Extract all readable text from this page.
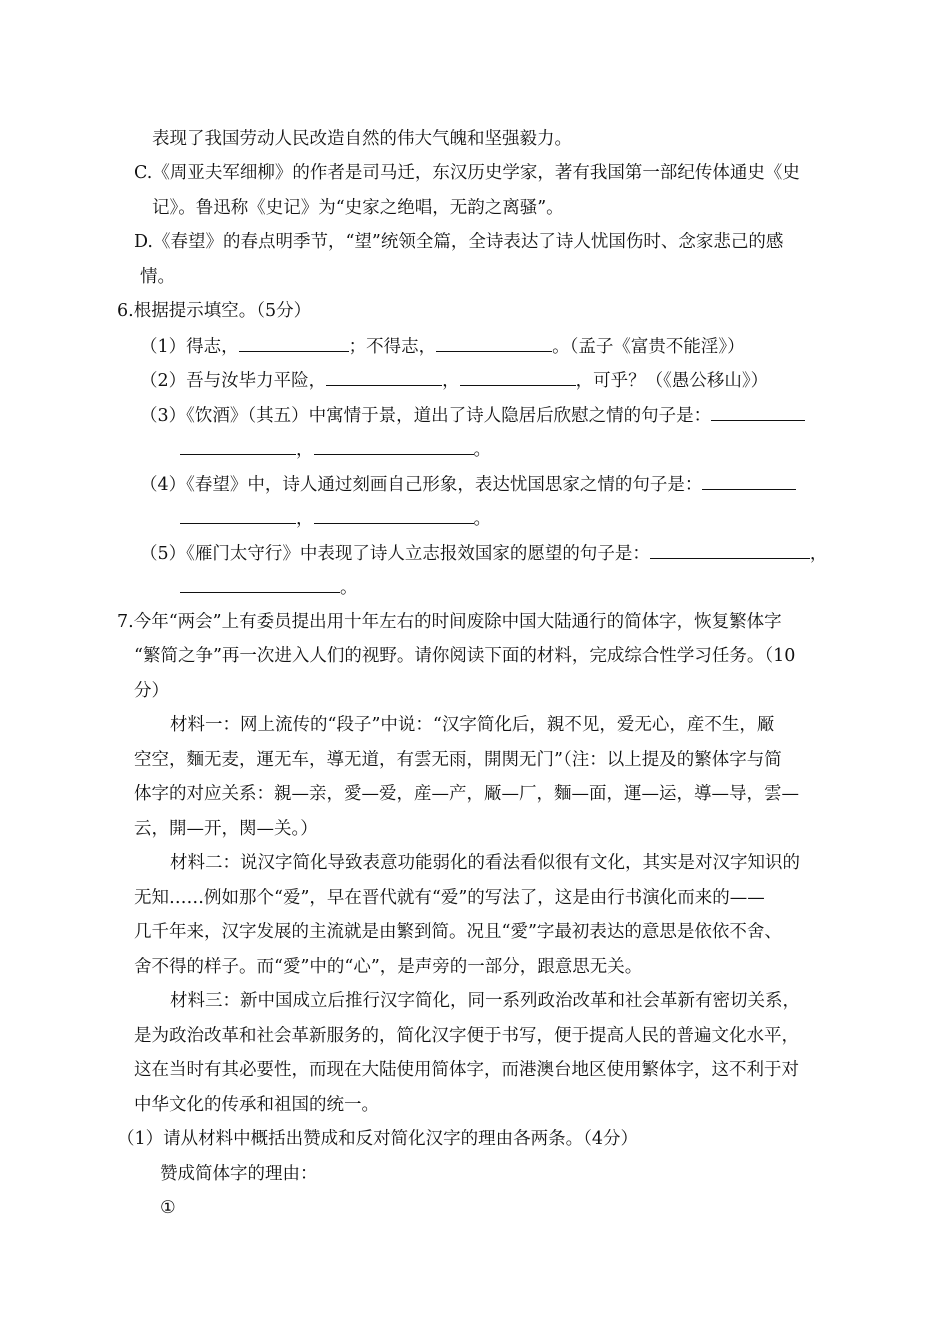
表现了我国劳动人民改造自然的伟大气魄和坚强毅力。
C.《周亚夫军细柳》的作者是司马迁，东汉历史学家，著有我国第一部纪传体通史《史
记》。鲁迅称《史记》为“史家之绝唱，无韵之离骚”。
D.《春望》的春点明季节，“望”统领全篇，全诗表达了诗人忧国伤时、念家悲己的感
情。
6.根据提示填空。（5分）
（1）得志，	；不得志，	。（孟子《富贵不能淫》）
（2）吾与汝毕力平险，	，	，可乎？（《愚公移山》）
（3）《饮酒》（其五）中寓情于景，道出了诗人隐居后欣慰之情的句子是：
，	。
（4）《春望》中，诗人通过刻画自己形象，表达忧国思家之情的句子是：
，	。
（5）《雁门太守行》中表现了诗人立志报效国家的愿望的句子是：	，
。
7.今年“两会”上有委员提出用十年左右的时间废除中国大陆通行的简体字，恢复繁体字
“繁简之争”再一次进入人们的视野。请你阅读下面的材料，完成综合性学习任务。（10
分）
材料一：网上流传的“段子”中说：“汉字简化后，親不见，爱无心，産不生，厰
空空，麵无麦，運无车，導无道，有雲无雨，開関无门”（注：以上提及的繁体字与简
体字的对应关系：親—亲，愛—爱，産—产，厰—厂，麵—面，運—运，導—导，雲—
云，開—开，関—关。）
材料二：说汉字简化导致表意功能弱化的看法看似很有文化，其实是对汉字知识的
无知……例如那个“爱”，早在晋代就有“爱”的写法了，这是由行书演化而来的——
几千年来，汉字发展的主流就是由繁到简。况且“愛”字最初表达的意思是依依不舍、
舍不得的样子。而“愛”中的“心”，是声旁的一部分，跟意思无关。
材料三：新中国成立后推行汉字简化，同一系列政治改革和社会革新有密切关系，
是为政治改革和社会革新服务的，简化汉字便于书写，便于提高人民的普遍文化水平，
这在当时有其必要性，而现在大陆使用简体字，而港澳台地区使用繁体字，这不利于对
中华文化的传承和祖国的统一。
（1）请从材料中概括出赞成和反对简化汉字的理由各两条。（4分）
赞成简体字的理由：
①
